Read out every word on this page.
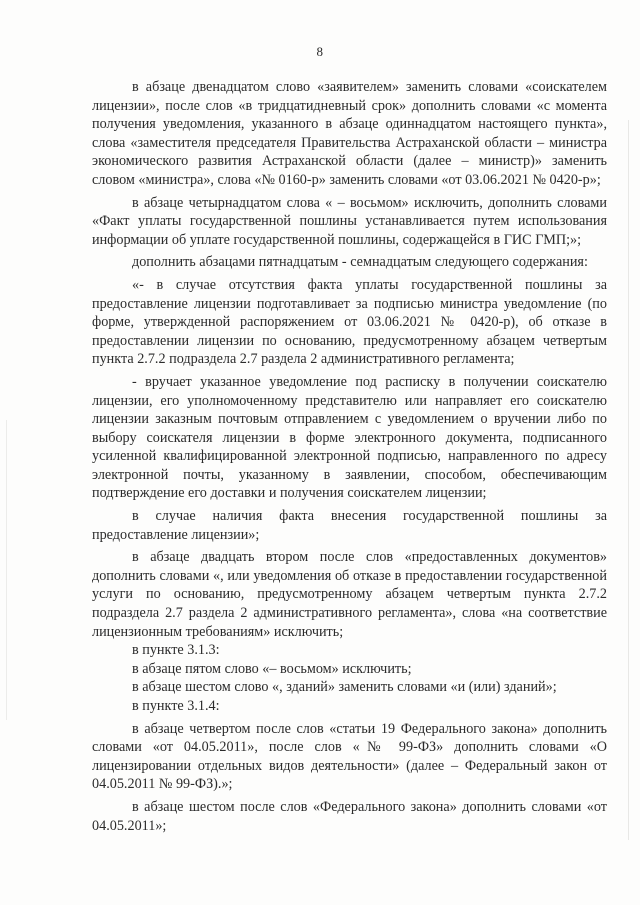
8

в абзаце двенадцатом слово «заявителем» заменить словами «соискателем лицензии», после слов «в тридцатидневный срок» дополнить словами «с момента получения уведомления, указанного в абзаце одиннадцатом настоящего пункта», слова «заместителя председателя Правительства Астраханской области – министра экономического развития Астраханской области (далее – министр)» заменить словом «министра», слова «№ 0160-р» заменить словами «от 03.06.2021 № 0420-р»;

в абзаце четырнадцатом слова « – восьмом» исключить, дополнить словами «Факт уплаты государственной пошлины устанавливается путем использования информации об уплате государственной пошлины, содержащейся в ГИС ГМП;»;

дополнить абзацами пятнадцатым - семнадцатым следующего содержания:

«- в случае отсутствия факта уплаты государственной пошлины за предоставление лицензии подготавливает за подписью министра уведомление (по форме, утвержденной распоряжением от 03.06.2021 № 0420-р), об отказе в предоставлении лицензии по основанию, предусмотренному абзацем четвертым пункта 2.7.2 подраздела 2.7 раздела 2 административного регламента;

- вручает указанное уведомление под расписку в получении соискателю лицензии, его уполномоченному представителю или направляет его соискателю лицензии заказным почтовым отправлением с уведомлением о вручении либо по выбору соискателя лицензии в форме электронного документа, подписанного усиленной квалифицированной электронной подписью, направленного по адресу электронной почты, указанному в заявлении, способом, обеспечивающим подтверждение его доставки и получения соискателем лицензии;

в случае наличия факта внесения государственной пошлины за предоставление лицензии»;

в абзаце двадцать втором после слов «предоставленных документов» дополнить словами «, или уведомления об отказе в предоставлении государственной услуги по основанию, предусмотренному абзацем четвертым пункта 2.7.2 подраздела 2.7 раздела 2 административного регламента», слова «на соответствие лицензионным требованиям» исключить;

в пункте 3.1.3:

в абзаце пятом слово «– восьмом» исключить;

в абзаце шестом слово «, зданий» заменить словами «и (или) зданий»;

в пункте 3.1.4:

в абзаце четвертом после слов «статьи 19 Федерального закона» дополнить словами «от 04.05.2011», после слов «№ 99-ФЗ» дополнить словами «О лицензировании отдельных видов деятельности» (далее – Федеральный закон от 04.05.2011 № 99-ФЗ).»;

в абзаце шестом после слов «Федерального закона» дополнить словами «от 04.05.2011»;
